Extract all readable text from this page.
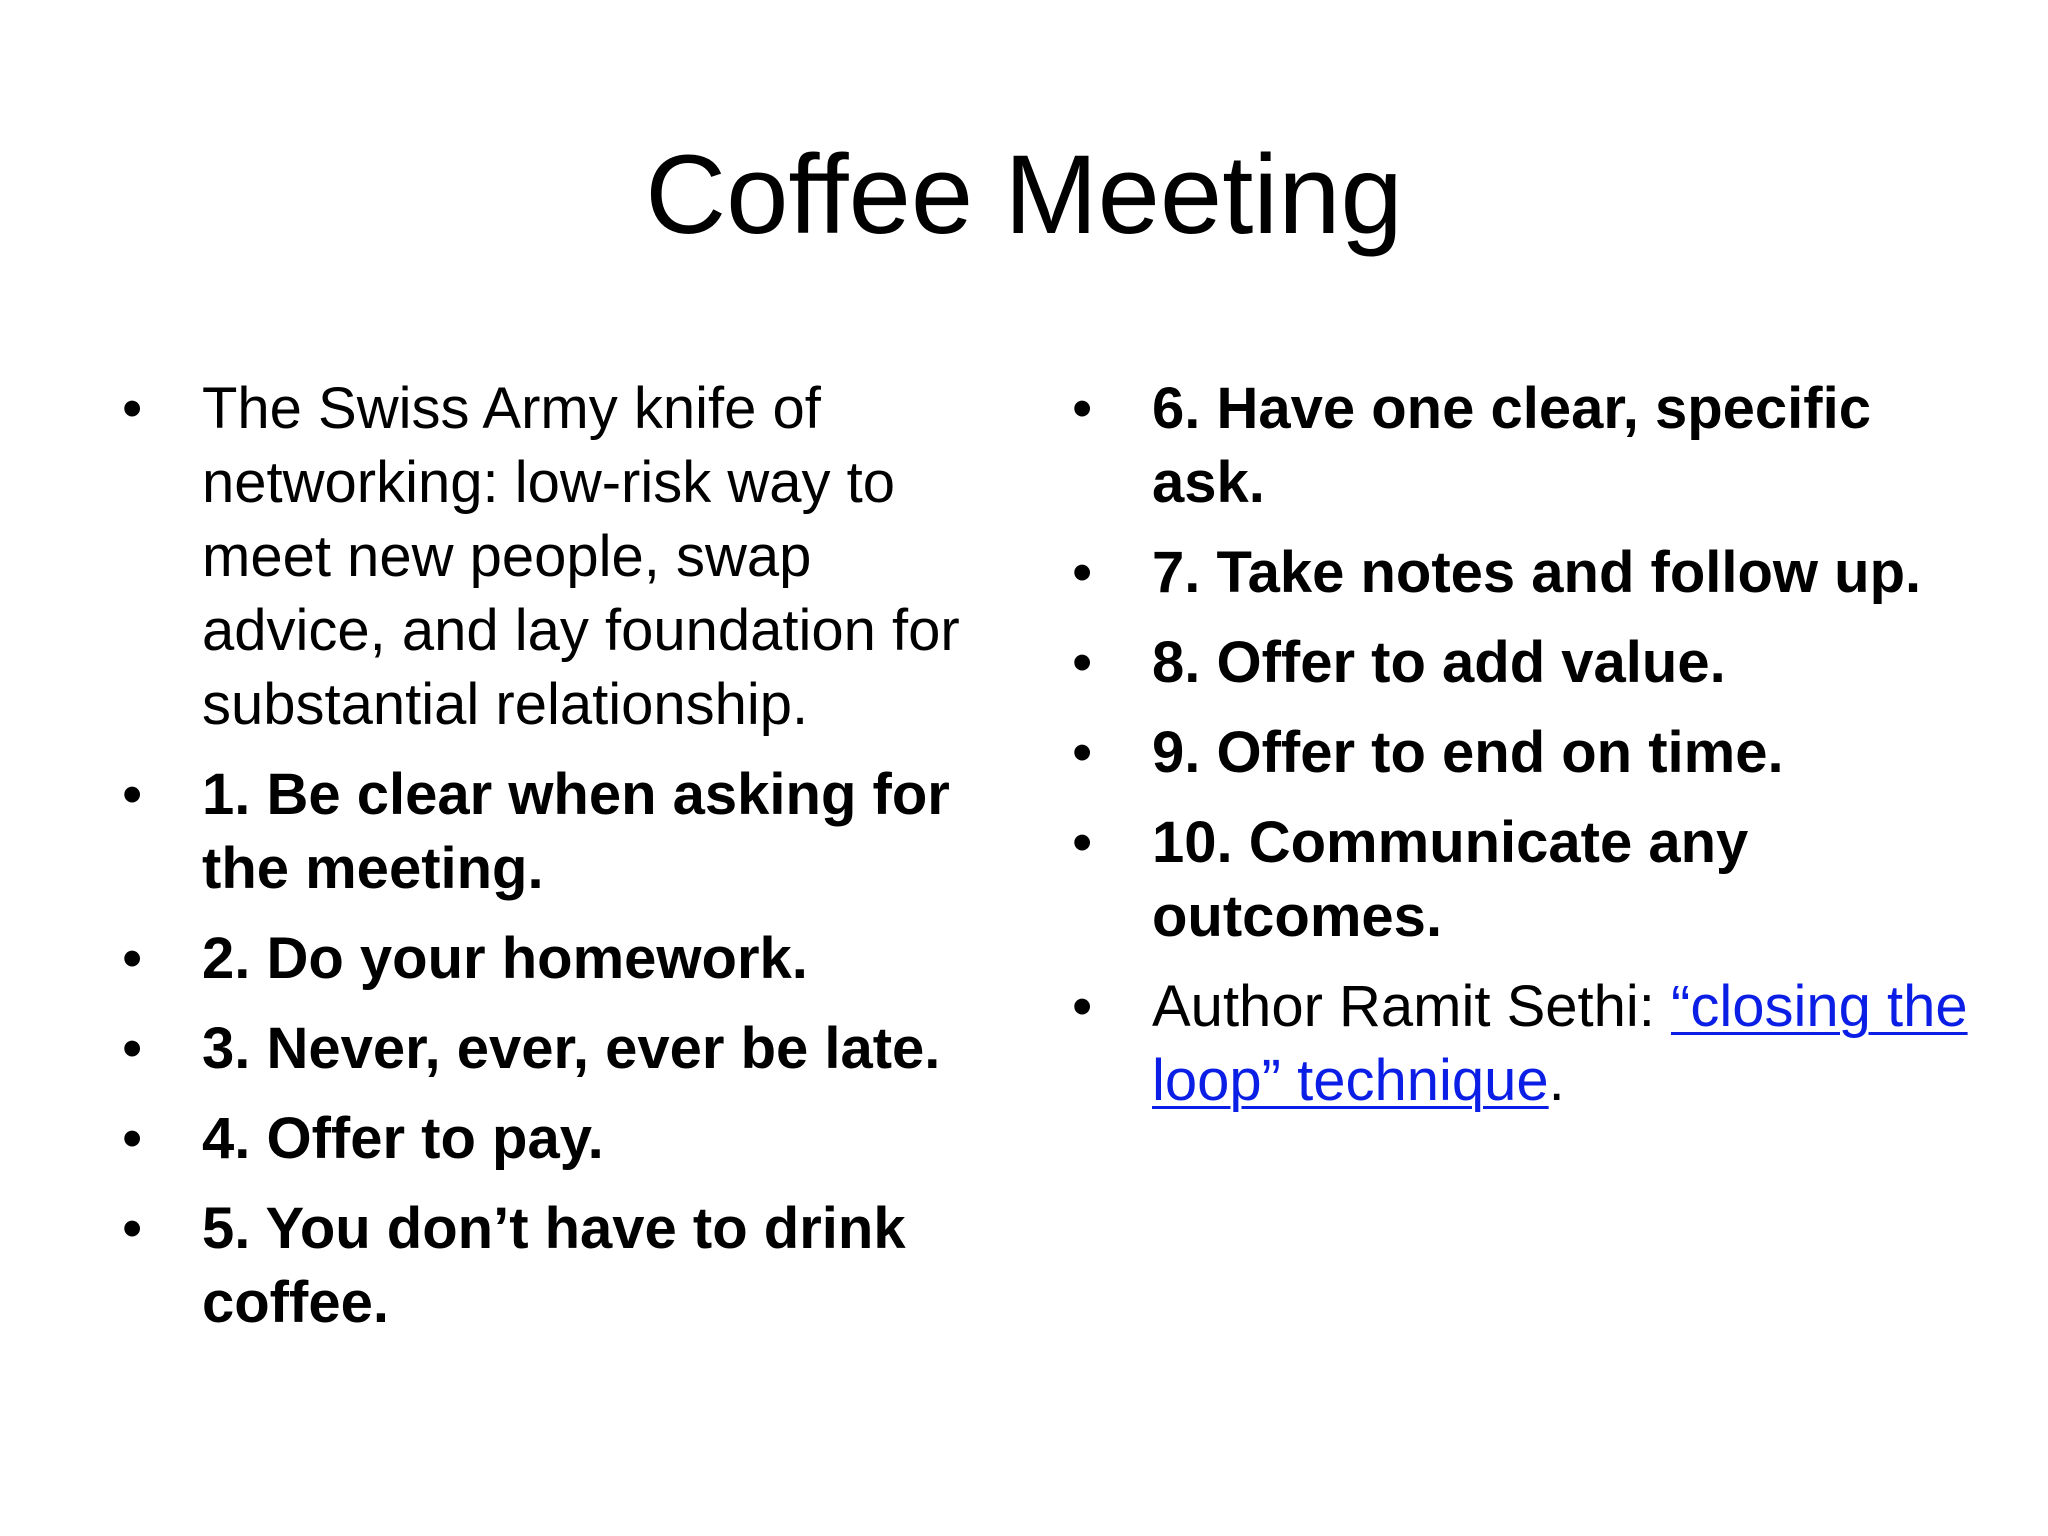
Coffee Meeting
•	The Swiss Army knife of networking: low-risk way to meet new people, swap advice, and lay foundation for substantial relationship.
•	1. Be clear when asking for the meeting.
•	2. Do your homework.
•	3. Never, ever, ever be late.
•	4. Offer to pay.
•	5. You don’t have to drink coffee.
•	6. Have one clear, specific ask.
•	7. Take notes and follow up.
•	8. Offer to add value.
•	9. Offer to end on time.
•	10. Communicate any outcomes.
•	Author Ramit Sethi: “closing the loop” technique.
